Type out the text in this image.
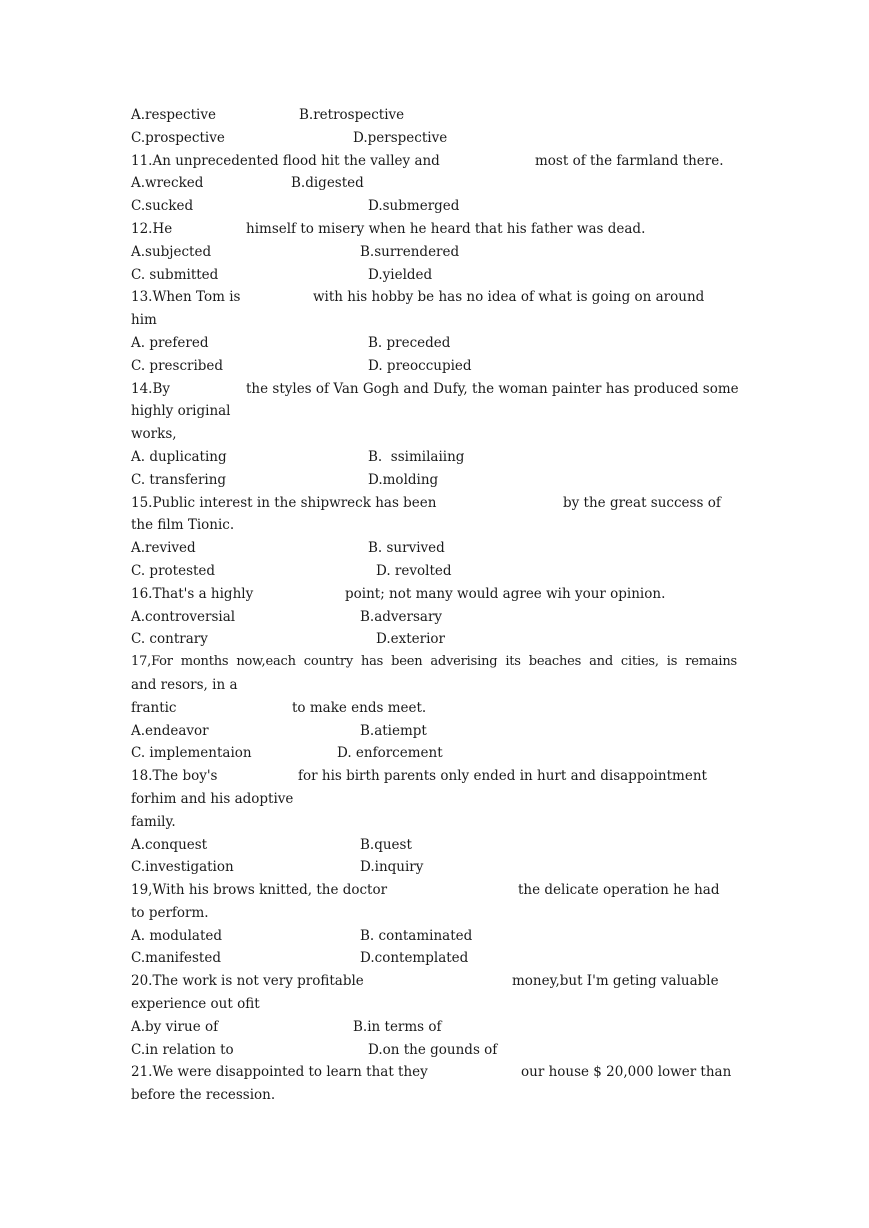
A.respective

	B.retrospective

C.prospective

	D.perspective

11.An unprecedented flood hit the valley and

	most of the farmland there.

A.wrecked

	B.digested

C.sucked

	D.submerged

12.He

	himself to misery when he heard that his father was dead.

A.subjected

	B.surrendered

C. submitted

	D.yielded

13.When Tom is

	with his hobby be has no idea of what is going on around

him

A. prefered

	B. preceded

C. prescribed

	D. preoccupied

14.By

	the styles of Van Gogh and Dufy, the woman painter has produced some

highly original
works,

A. duplicating

	B.  ssimilaiing

C. transfering

	D.molding

15.Public interest in the shipwreck has been

	by the great success of

the film Tionic.

A.revived

	B. survived

C. protested

	D. revolted

16.That's a highly

	point; not many would agree wih your opinion.

A.controversial

	B.adversary

C. contrary

	D.exterior

17,For months now,each country has been adverising its beaches and cities, is remains

and resors, in a

frantic

	to make ends meet.

A.endeavor

	B.atiempt

C. implementaion

	D. enforcement

18.The boy's

	for his birth parents only ended in hurt and disappointment

forhim and his adoptive
family.

A.conquest

	B.quest

C.investigation

	D.inquiry

19,With his brows knitted, the doctor

	the delicate operation he had

to perform.

A. modulated

	B. contaminated

C.manifested

	D.contemplated

20.The work is not very profitable

	money,but I'm geting valuable

experience out ofit

A.by virue of

	B.in terms of

C.in relation to

	D.on the gounds of

21.We were disappointed to learn that they

	our house $ 20,000 lower than

before the recession.
